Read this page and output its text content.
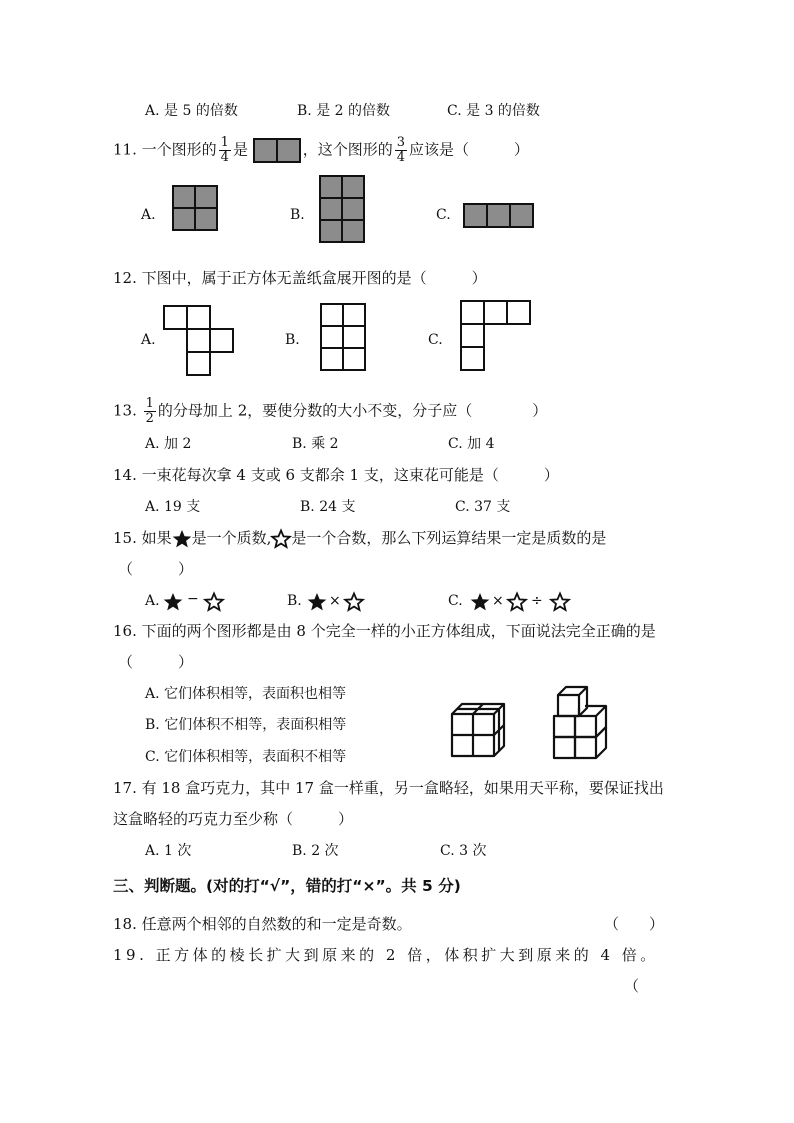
A. 是 5 的倍数	B. 是 2 的倍数	C. 是 3 的倍数
11. 一个图形的 $\frac{1}{4}$ 是	，这个图形的 $\frac{3}{4}$ 应该是（　　　）
A.	B.	C.
12. 下图中，属于正方体无盖纸盒展开图的是（　　　）
A.	B.	C.
13. $\frac{1}{2}$ 的分母加上 2，要使分数的大小不变，分子应（　　　　）
A. 加 2	B. 乘 2	C. 加 4
14. 一束花每次拿 4 支或 6 支都余 1 支，这束花可能是（　　　）
A. 19 支	B. 24 支	C. 37 支
15. 如果 是一个质数, 是一个合数，那么下列运算结果一定是质数的是
（　　　）
A. −	B. ×	C. × ÷
16. 下面的两个图形都是由 8 个完全一样的小正方体组成，下面说法完全正确的是
（　　　）
A. 它们体积相等，表面积也相等
B. 它们体积不相等，表面积相等
C. 它们体积相等，表面积不相等
17. 有 18 盒巧克力，其中 17 盒一样重，另一盒略轻，如果用天平称，要保证找出
这盒略轻的巧克力至少称（　　　）
A. 1 次	B. 2 次	C. 3 次
三、判断题。(对的打“√”，错的打“×”。共 5 分)
18. 任意两个相邻的自然数的和一定是奇数。	（　　）
19. 正方体的棱长扩大到原来的 2 倍，体积扩大到原来的 4 倍。
（
